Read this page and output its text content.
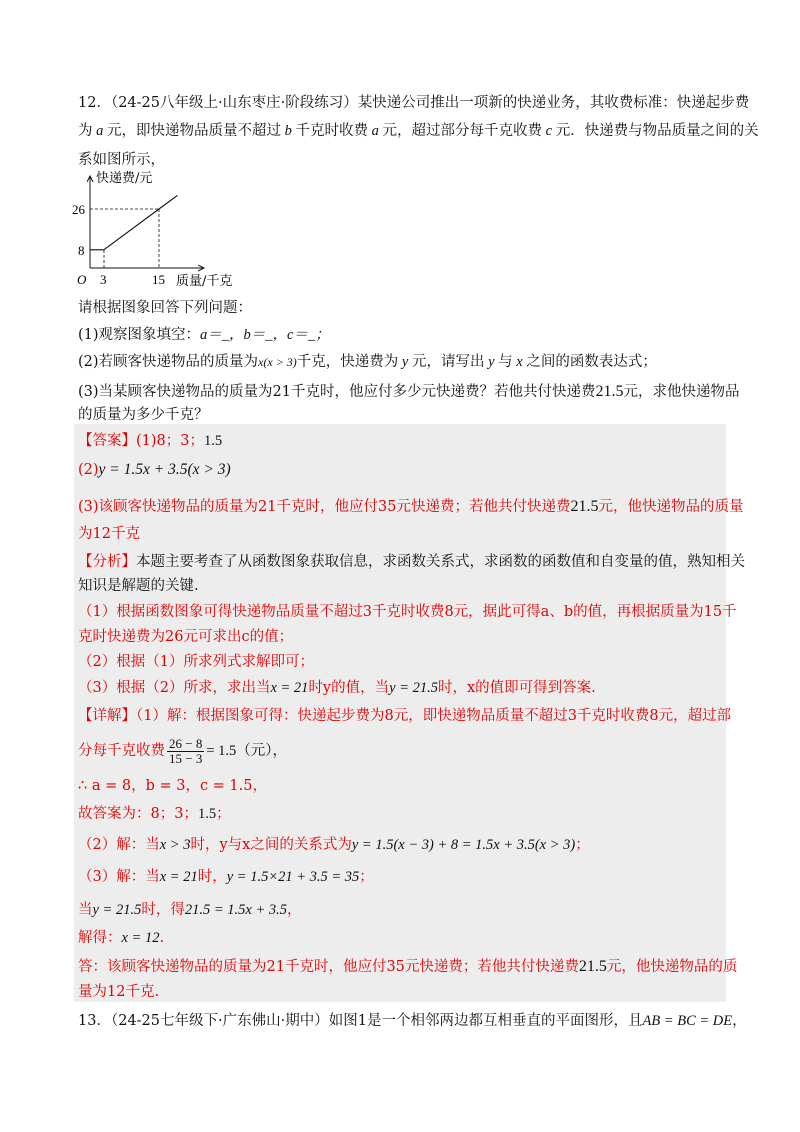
12．（24-25八年级上·山东枣庄·阶段练习）某快递公司推出一项新的快递业务，其收费标准：快递起步费
为 a 元，即快递物品质量不超过 b 千克时收费 a 元，超过部分每千克收费 c 元．快递费与物品质量之间的关
系如图所示，
快递费/元
26
8
O 3	15 质量/千克
请根据图象回答下列问题：
(1)观察图象填空：a＝_，b＝_，c＝_；
(2)若顾客快递物品的质量为x(x > 3)千克，快递费为 y 元，请写出 y 与 x 之间的函数表达式；
(3)当某顾客快递物品的质量为21千克时，他应付多少元快递费？若他共付快递费21.5元，求他快递物品
的质量为多少千克？
【答案】(1)8；3；1.5
(2)y = 1.5x + 3.5(x > 3)
(3)该顾客快递物品的质量为21千克时，他应付35元快递费；若他共付快递费21.5元，他快递物品的质量
为12千克
【分析】本题主要考查了从函数图象获取信息，求函数关系式，求函数的函数值和自变量的值，熟知相关
知识是解题的关键.
（1）根据函数图象可得快递物品质量不超过3千克时收费8元，据此可得a、b的值，再根据质量为15千
克时快递费为26元可求出c的值；
（2）根据（1）所求列式求解即可；
（3）根据（2）所求，求出当x = 21时y的值，当y = 21.5时，x的值即可得到答案.
【详解】（1）解：根据图象可得：快递起步费为8元，即快递物品质量不超过3千克时收费8元，超过部
分每千克收费 $\frac{26 - 8}{15 - 3} = 1.5$（元），
∴ a = 8，b = 3，c = 1.5，
故答案为：8；3；1.5；
（2）解：当x > 3时，y与x之间的关系式为y = 1.5(x − 3) + 8 = 1.5x + 3.5(x > 3)；
（3）解：当x = 21时，y = 1.5×21 + 3.5 = 35；
当y = 21.5时，得21.5 = 1.5x + 3.5，
解得：x = 12.
答：该顾客快递物品的质量为21千克时，他应付35元快递费；若他共付快递费21.5元，他快递物品的质
量为12千克.
13．（24-25七年级下·广东佛山·期中）如图1是一个相邻两边都互相垂直的平面图形，且AB = BC = DE，
